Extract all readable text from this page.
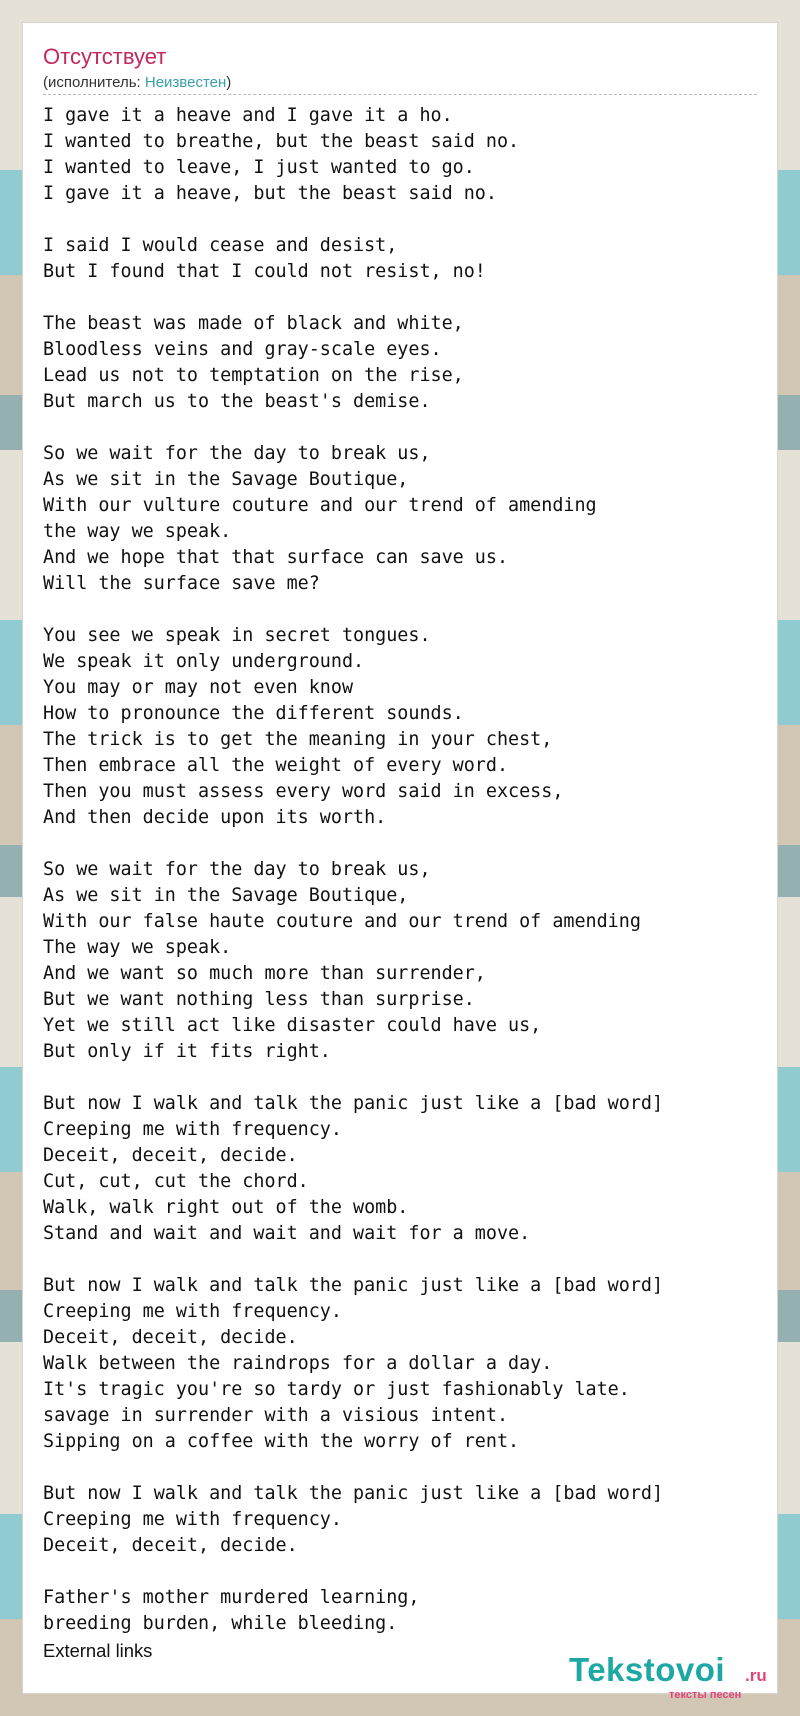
Отсутствует
(исполнитель: Неизвестен)
I gave it a heave and I gave it a ho.
I wanted to breathe, but the beast said no.
I wanted to leave, I just wanted to go.
I gave it a heave, but the beast said no.

I said I would cease and desist,
But I found that I could not resist, no!

The beast was made of black and white,
Bloodless veins and gray-scale eyes.
Lead us not to temptation on the rise,
But march us to the beast's demise.

So we wait for the day to break us,
As we sit in the Savage Boutique,
With our vulture couture and our trend of amending
the way we speak.
And we hope that that surface can save us.
Will the surface save me?

You see we speak in secret tongues.
We speak it only underground.
You may or may not even know
How to pronounce the different sounds.
The trick is to get the meaning in your chest,
Then embrace all the weight of every word.
Then you must assess every word said in excess,
And then decide upon its worth.

So we wait for the day to break us,
As we sit in the Savage Boutique,
With our false haute couture and our trend of amending
The way we speak.
And we want so much more than surrender,
But we want nothing less than surprise.
Yet we still act like disaster could have us,
But only if it fits right.

But now I walk and talk the panic just like a [bad word]
Creeping me with frequency.
Deceit, deceit, decide.
Cut, cut, cut the chord.
Walk, walk right out of the womb.
Stand and wait and wait and wait for a move.

But now I walk and talk the panic just like a [bad word]
Creeping me with frequency.
Deceit, deceit, decide.
Walk between the raindrops for a dollar a day.
It's tragic you're so tardy or just fashionably late.
savage in surrender with a visious intent.
Sipping on a coffee with the worry of rent.

But now I walk and talk the panic just like a [bad word]
Creeping me with frequency.
Deceit, deceit, decide.

Father's mother murdered learning,
breeding burden, while bleeding.
External links
Tekstovoi .ru
тексты песен
